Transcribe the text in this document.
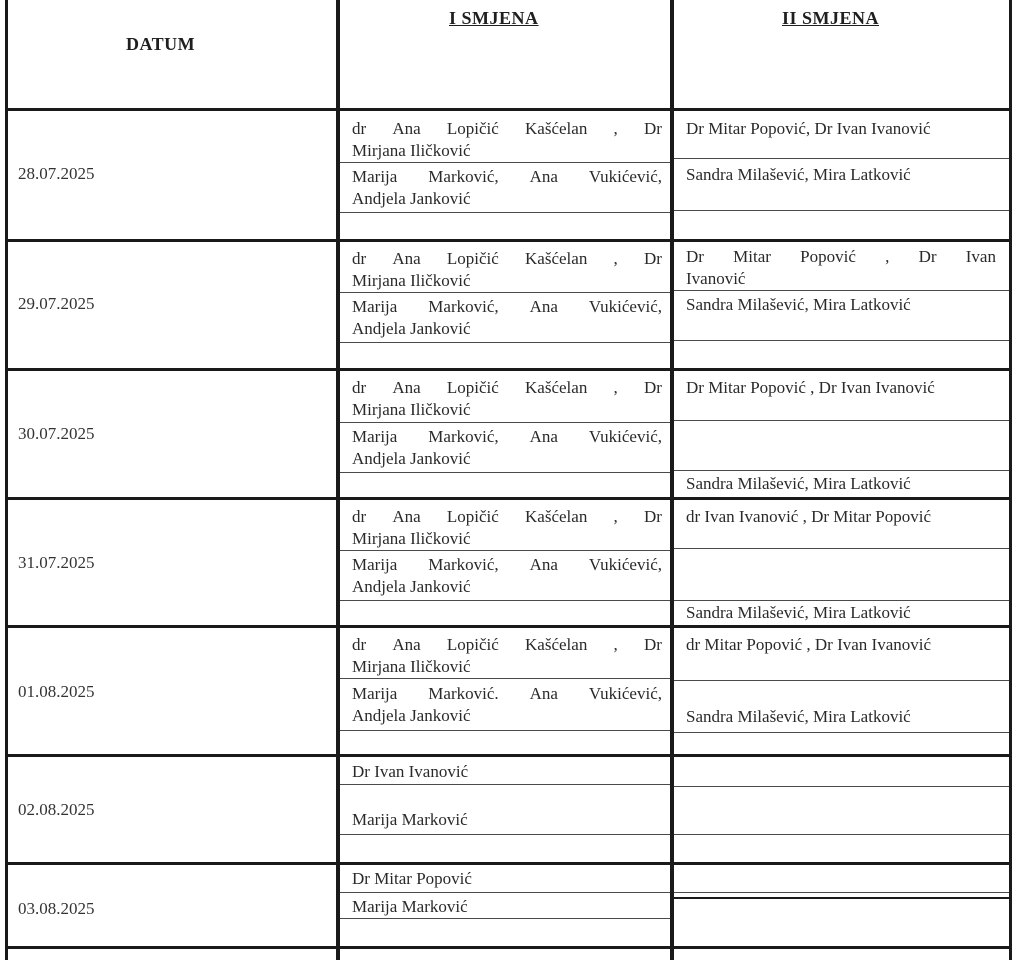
DATUM
I SMJENA	II SMJENA
28.07.2025
dr Ana Lopičić Kašćelan , Dr
Mirjana Iličković
Marija Marković, Ana Vukićević,
Andjela Janković
Dr Mitar Popović, Dr Ivan Ivanović
Sandra Milašević, Mira Latković
29.07.2025
dr Ana Lopičić Kašćelan , Dr
Mirjana Iličković
Marija Marković, Ana Vukićević,
Andjela Janković
Dr Mitar Popović , Dr Ivan
Ivanović
Sandra Milašević, Mira Latković
30.07.2025
dr Ana Lopičić Kašćelan , Dr
Mirjana Iličković
Marija Marković, Ana Vukićević,
Andjela Janković
Dr Mitar Popović , Dr Ivan Ivanović
Sandra Milašević, Mira Latković
31.07.2025
dr Ana Lopičić Kašćelan , Dr
Mirjana Iličković
Marija Marković, Ana Vukićević,
Andjela Janković
dr Ivan Ivanović , Dr Mitar Popović
Sandra Milašević, Mira Latković
01.08.2025
dr Ana Lopičić Kašćelan , Dr
Mirjana Iličković
Marija Marković. Ana Vukićević,
Andjela Janković
dr Mitar Popović , Dr Ivan Ivanović
Sandra Milašević, Mira Latković
02.08.2025
Dr Ivan Ivanović
Marija Marković
03.08.2025
Dr Mitar Popović
Marija Marković
